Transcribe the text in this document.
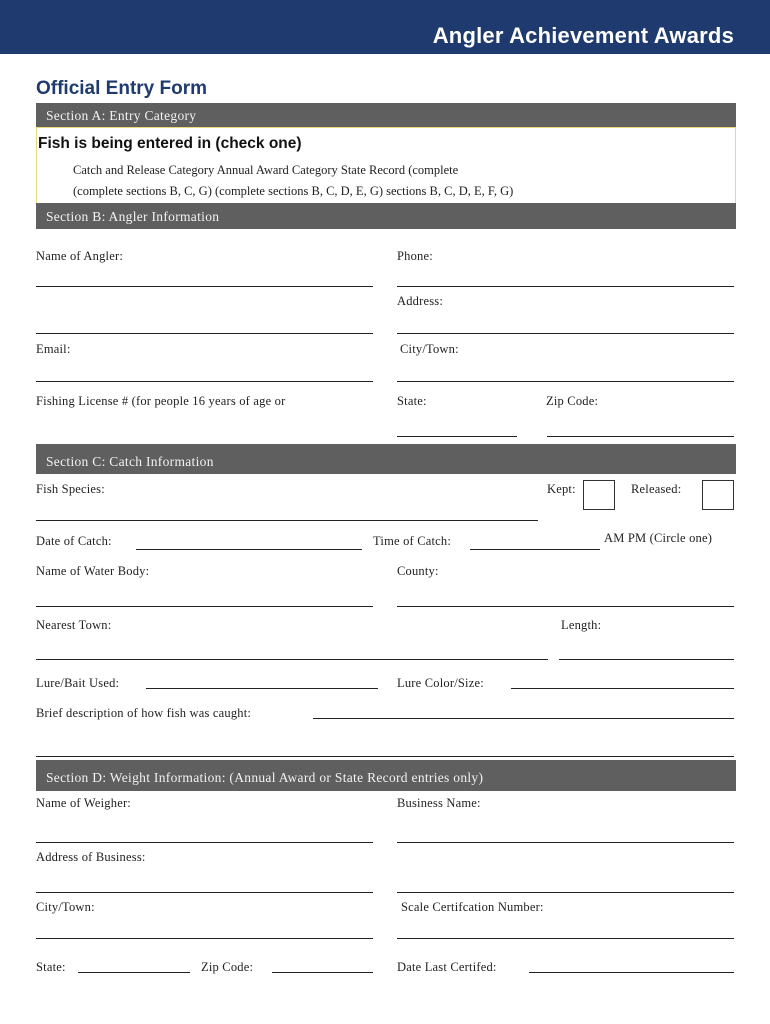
Angler Achievement Awards
Official Entry Form
Section A: Entry Category
Fish is being entered in (check one)
Catch and Release Category Annual Award Category State Record (complete
(complete sections B, C, G) (complete sections B, C, D, E, G) sections B, C, D, E, F, G)
Section B: Angler Information
Name of Angler:	Phone:
Address:
Email:	City/Town:
Fishing License # (for people 16 years of age or	State:	Zip Code:
Section C: Catch Information
Fish Species:	Kept:	Released:
Date of Catch:	Time of Catch:	AM PM (Circle one)
Name of Water Body:	County:
Nearest Town:	Length:
Lure/Bait Used:	Lure Color/Size:
Brief description of how fish was caught:
Section D: Weight Information: (Annual Award or State Record entries only)
Name of Weigher:	Business Name:
Address of Business:
City/Town:	Scale Certifcation Number:
State:	Zip Code:	Date Last Certifed:
